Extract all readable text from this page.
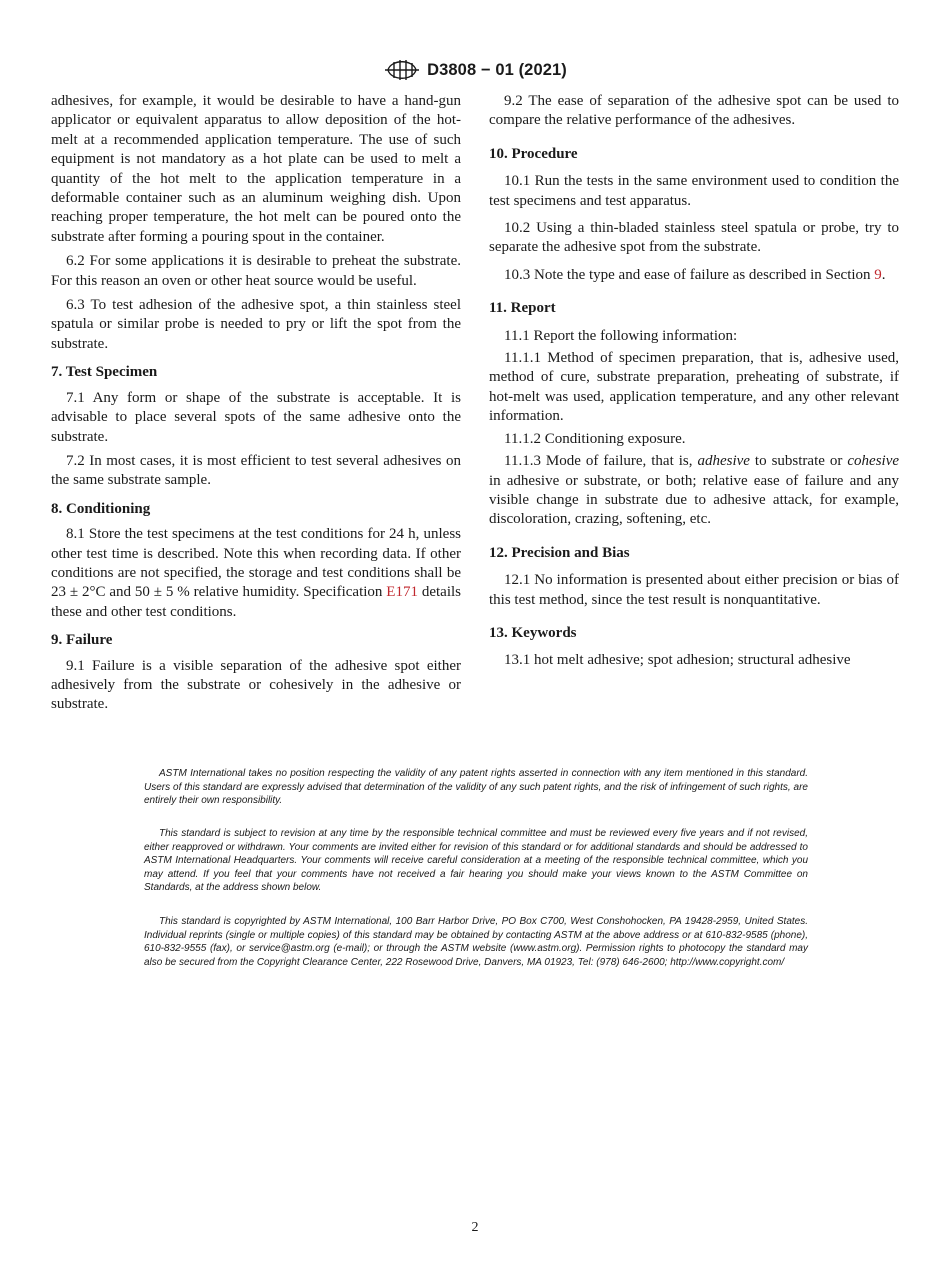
D3808 − 01 (2021)

adhesives, for example, it would be desirable to have a hand-gun applicator or equivalent apparatus to allow deposition of the hot-melt at a recommended application temperature. The use of such equipment is not mandatory as a hot plate can be used to melt a quantity of the hot melt to the application temperature in a deformable container such as an aluminum weighing dish. Upon reaching proper temperature, the hot melt can be poured onto the substrate after forming a pouring spout in the container.

6.2 For some applications it is desirable to preheat the substrate. For this reason an oven or other heat source would be useful.

6.3 To test adhesion of the adhesive spot, a thin stainless steel spatula or similar probe is needed to pry or lift the spot from the substrate.

7. Test Specimen

7.1 Any form or shape of the substrate is acceptable. It is advisable to place several spots of the same adhesive onto the substrate.

7.2 In most cases, it is most efficient to test several adhesives on the same substrate sample.

8. Conditioning

8.1 Store the test specimens at the test conditions for 24 h, unless other test time is described. Note this when recording data. If other conditions are not specified, the storage and test conditions shall be 23 ± 2°C and 50 ± 5 % relative humidity. Specification E171 details these and other test conditions.

9. Failure

9.1 Failure is a visible separation of the adhesive spot either adhesively from the substrate or cohesively in the adhesive or substrate.

9.2 The ease of separation of the adhesive spot can be used to compare the relative performance of the adhesives.

10. Procedure

10.1 Run the tests in the same environment used to condition the test specimens and test apparatus.

10.2 Using a thin-bladed stainless steel spatula or probe, try to separate the adhesive spot from the substrate.

10.3 Note the type and ease of failure as described in Section 9.

11. Report

11.1 Report the following information:

11.1.1 Method of specimen preparation, that is, adhesive used, method of cure, substrate preparation, preheating of substrate, if hot-melt was used, application temperature, and any other relevant information.

11.1.2 Conditioning exposure.

11.1.3 Mode of failure, that is, adhesive to substrate or cohesive in adhesive or substrate, or both; relative ease of failure and any visible change in substrate due to adhesive attack, for example, discoloration, crazing, softening, etc.

12. Precision and Bias

12.1 No information is presented about either precision or bias of this test method, since the test result is nonquantitative.

13. Keywords

13.1 hot melt adhesive; spot adhesion; structural adhesive

ASTM International takes no position respecting the validity of any patent rights asserted in connection with any item mentioned in this standard. Users of this standard are expressly advised that determination of the validity of any such patent rights, and the risk of infringement of such rights, are entirely their own responsibility.

This standard is subject to revision at any time by the responsible technical committee and must be reviewed every five years and if not revised, either reapproved or withdrawn. Your comments are invited either for revision of this standard or for additional standards and should be addressed to ASTM International Headquarters. Your comments will receive careful consideration at a meeting of the responsible technical committee, which you may attend. If you feel that your comments have not received a fair hearing you should make your views known to the ASTM Committee on Standards, at the address shown below.

This standard is copyrighted by ASTM International, 100 Barr Harbor Drive, PO Box C700, West Conshohocken, PA 19428-2959, United States. Individual reprints (single or multiple copies) of this standard may be obtained by contacting ASTM at the above address or at 610-832-9585 (phone), 610-832-9555 (fax), or service@astm.org (e-mail); or through the ASTM website (www.astm.org). Permission rights to photocopy the standard may also be secured from the Copyright Clearance Center, 222 Rosewood Drive, Danvers, MA 01923, Tel: (978) 646-2600; http://www.copyright.com/

2
